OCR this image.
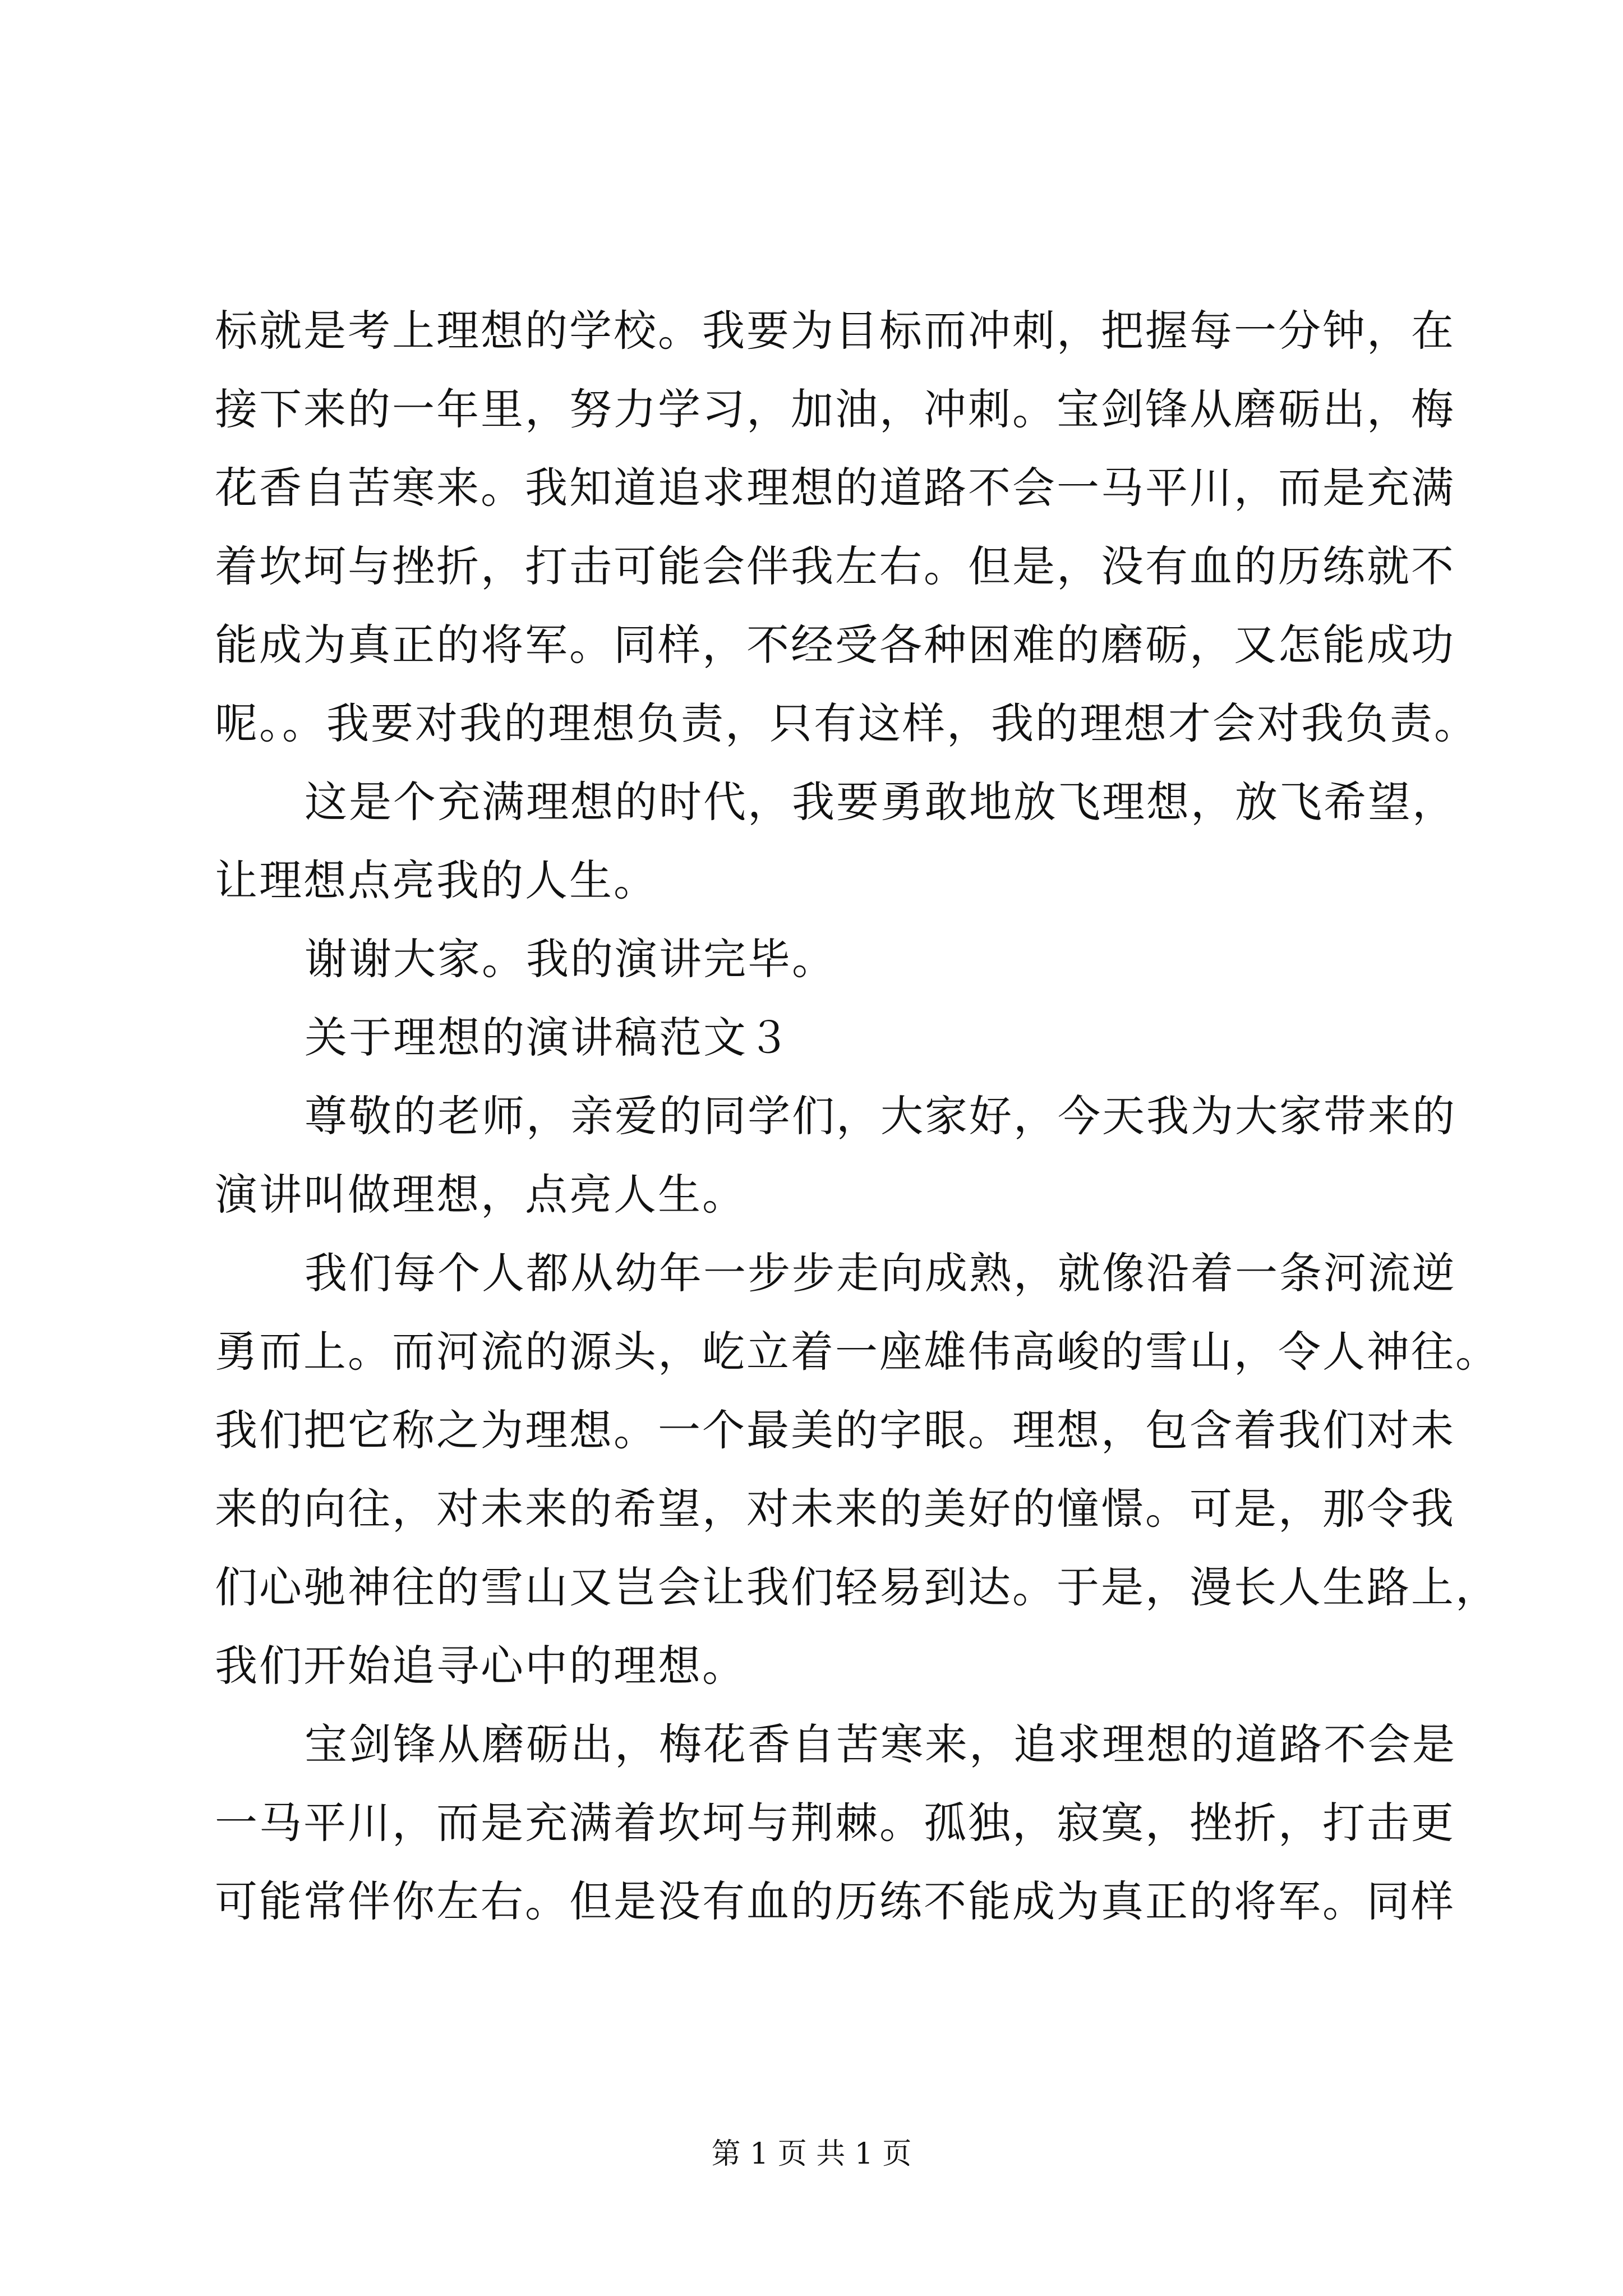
标就是考上理想的学校。我要为目标而冲刺，把握每一分钟，在
接下来的一年里，努力学习，加油，冲刺。宝剑锋从磨砺出，梅
花香自苦寒来。我知道追求理想的道路不会一马平川，而是充满
着坎坷与挫折，打击可能会伴我左右。但是，没有血的历练就不
能成为真正的将军。同样，不经受各种困难的磨砺，又怎能成功
呢。。我要对我的理想负责，只有这样，我的理想才会对我负责。
这是个充满理想的时代，我要勇敢地放飞理想，放飞希望，
让理想点亮我的人生。
谢谢大家。我的演讲完毕。
关于理想的演讲稿范文３
尊敬的老师，亲爱的同学们，大家好，今天我为大家带来的
演讲叫做理想，点亮人生。
我们每个人都从幼年一步步走向成熟，就像沿着一条河流逆
勇而上。而河流的源头，屹立着一座雄伟高峻的雪山，令人神往。
我们把它称之为理想。一个最美的字眼。理想，包含着我们对未
来的向往，对未来的希望，对未来的美好的憧憬。可是，那令我
们心驰神往的雪山又岂会让我们轻易到达。于是，漫长人生路上，
我们开始追寻心中的理想。
宝剑锋从磨砺出，梅花香自苦寒来，追求理想的道路不会是
一马平川，而是充满着坎坷与荆棘。孤独，寂寞，挫折，打击更
可能常伴你左右。但是没有血的历练不能成为真正的将军。同样
第 1 页 共 1 页
